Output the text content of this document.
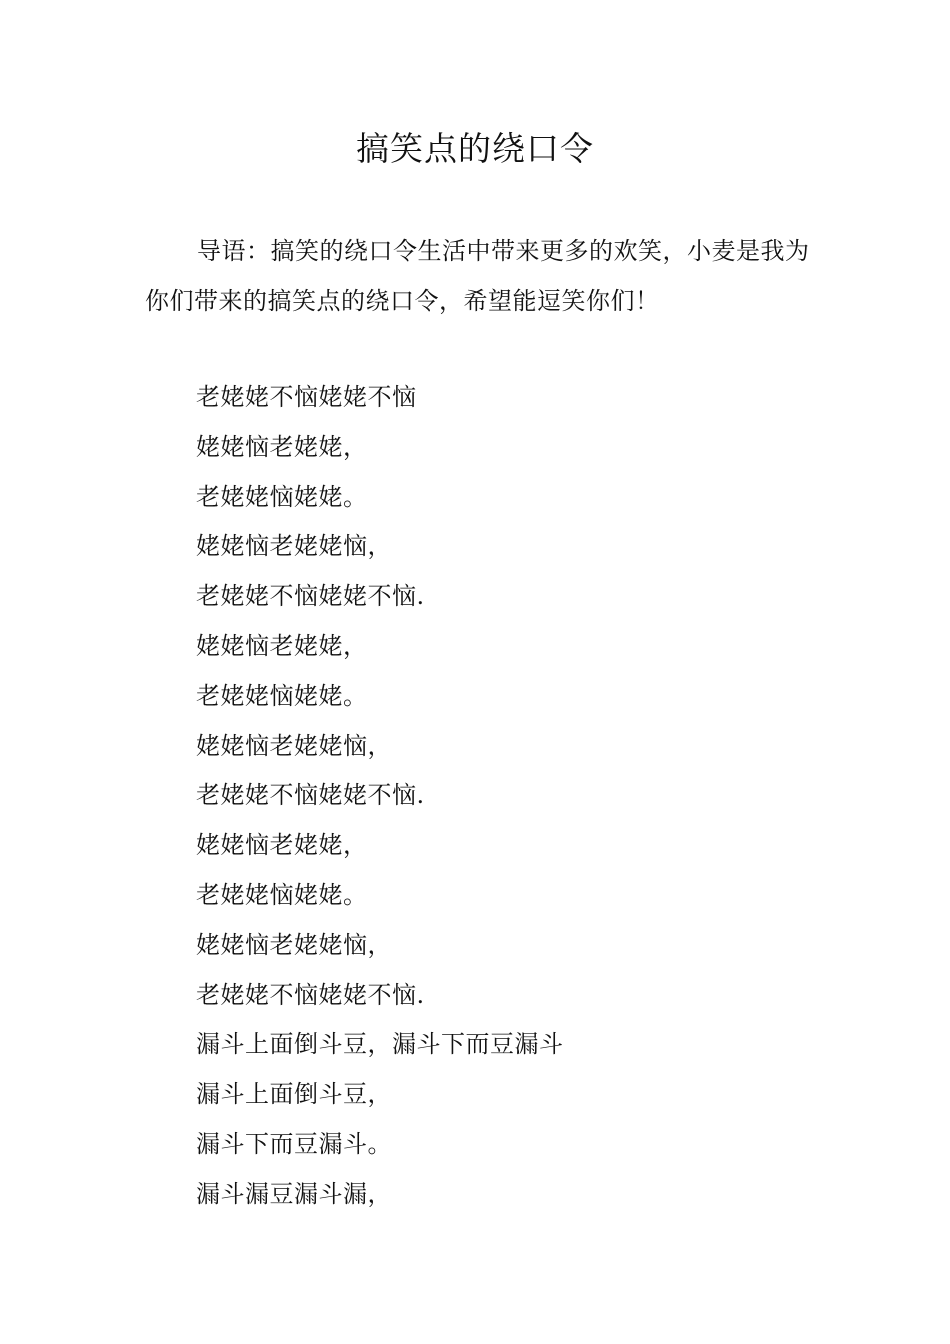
搞笑点的绕口令

导语：搞笑的绕口令生活中带来更多的欢笑，小麦是我为你们带来的搞笑点的绕口令，希望能逗笑你们！

老姥姥不恼姥姥不恼
姥姥恼老姥姥，
老姥姥恼姥姥。
姥姥恼老姥姥恼，
老姥姥不恼姥姥不恼.
姥姥恼老姥姥，
老姥姥恼姥姥。
姥姥恼老姥姥恼，
老姥姥不恼姥姥不恼.
姥姥恼老姥姥，
老姥姥恼姥姥。
姥姥恼老姥姥恼，
老姥姥不恼姥姥不恼.
漏斗上面倒斗豆，漏斗下而豆漏斗
漏斗上面倒斗豆，
漏斗下而豆漏斗。
漏斗漏豆漏斗漏，
